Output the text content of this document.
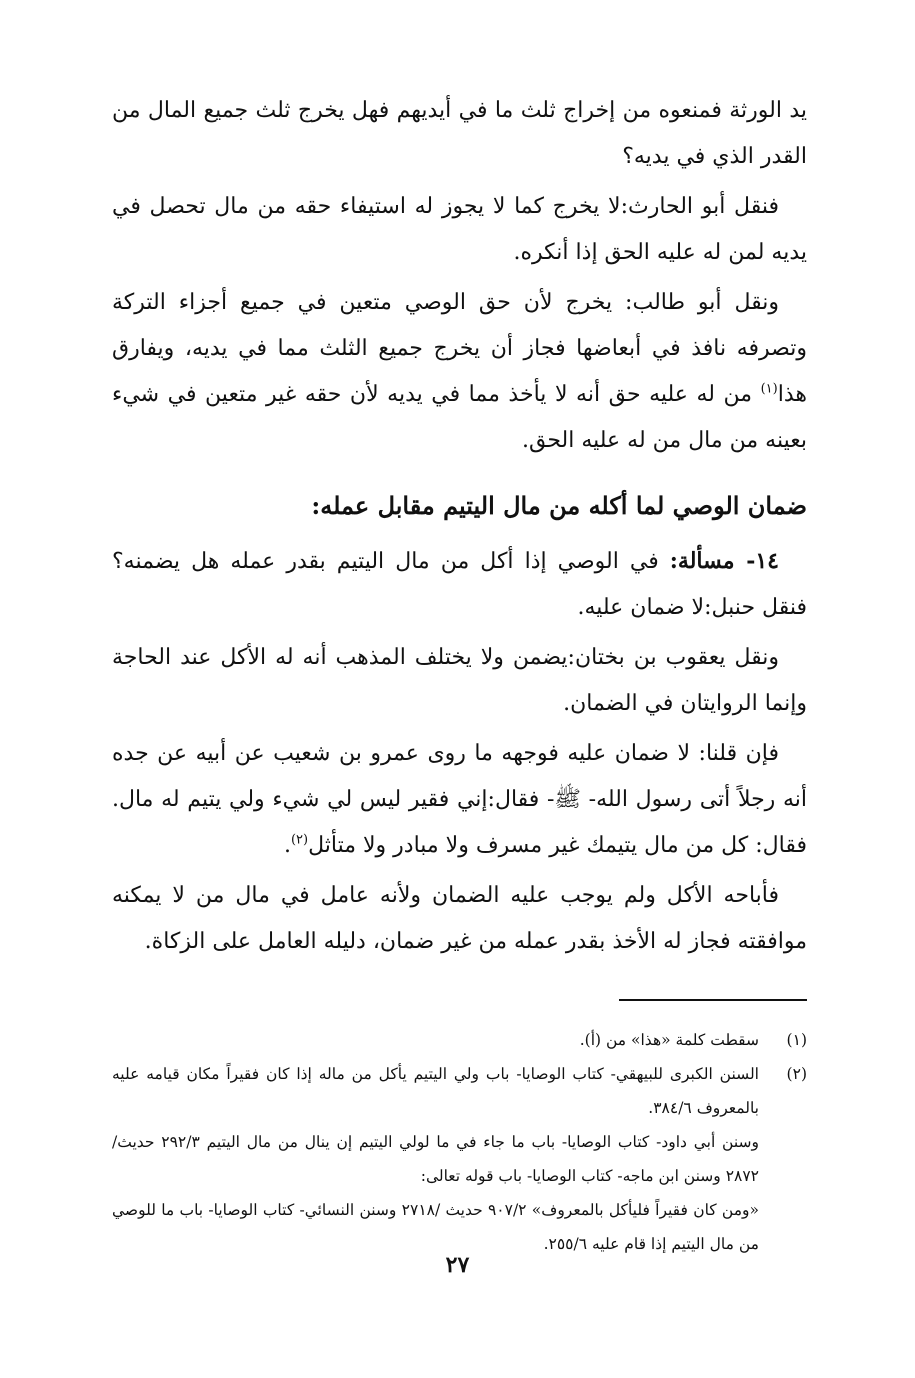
يد الورثة فمنعوه من إخراج ثلث ما في أيديهم فهل يخرج ثلث جميع المال من القدر الذي في يديه؟

فنقل أبو الحارث:لا يخرج كما لا يجوز له استيفاء حقه من مال تحصل في يديه لمن له عليه الحق إذا أنكره.

ونقل أبو طالب: يخرج لأن حق الوصي متعين في جميع أجزاء التركة وتصرفه نافذ في أبعاضها فجاز أن يخرج جميع الثلث مما في يديه، ويفارق هذا$^{(١)}$ من له عليه حق أنه لا يأخذ مما في يديه لأن حقه غير متعين في شيء بعينه من مال من له عليه الحق.

ضمان الوصي لما أكله من مال اليتيم مقابل عمله:

١٤- مسألة: في الوصي إذا أكل من مال اليتيم بقدر عمله هل يضمنه؟ فنقل حنبل:لا ضمان عليه.

ونقل يعقوب بن بختان:يضمن ولا يختلف المذهب أنه له الأكل عند الحاجة وإنما الروايتان في الضمان.

فإن قلنا: لا ضمان عليه فوجهه ما روى عمرو بن شعيب عن أبيه عن جده أنه رجلاً أتى رسول الله- ﷺ- فقال:إني فقير ليس لي شيء ولي يتيم له مال. فقال: كل من مال يتيمك غير مسرف ولا مبادر ولا متأثل$^{(٢)}$.

فأباحه الأكل ولم يوجب عليه الضمان ولأنه عامل في مال من لا يمكنه موافقته فجاز له الأخذ بقدر عمله من غير ضمان، دليله العامل على الزكاة.

(١)
سقطت كلمة «هذا» من (أ).
(٢)
السنن الكبرى للبيهقي- كتاب الوصايا- باب ولي اليتيم يأكل من ماله إذا كان فقيراً مكان قيامه عليه بالمعروف ٣٨٤/٦.
وسنن أبي داود- كتاب الوصايا- باب ما جاء في ما لولي اليتيم إن ينال من مال اليتيم ٢٩٢/٣ حديث/ ٢٨٧٢ وسنن ابن ماجه- كتاب الوصايا- باب قوله تعالى:
«ومن كان فقيراً فليأكل بالمعروف» ٩٠٧/٢ حديث /٢٧١٨ وسنن النسائي- كتاب الوصايا- باب ما للوصي من مال اليتيم إذا قام عليه ٢٥٥/٦.
٢٧
